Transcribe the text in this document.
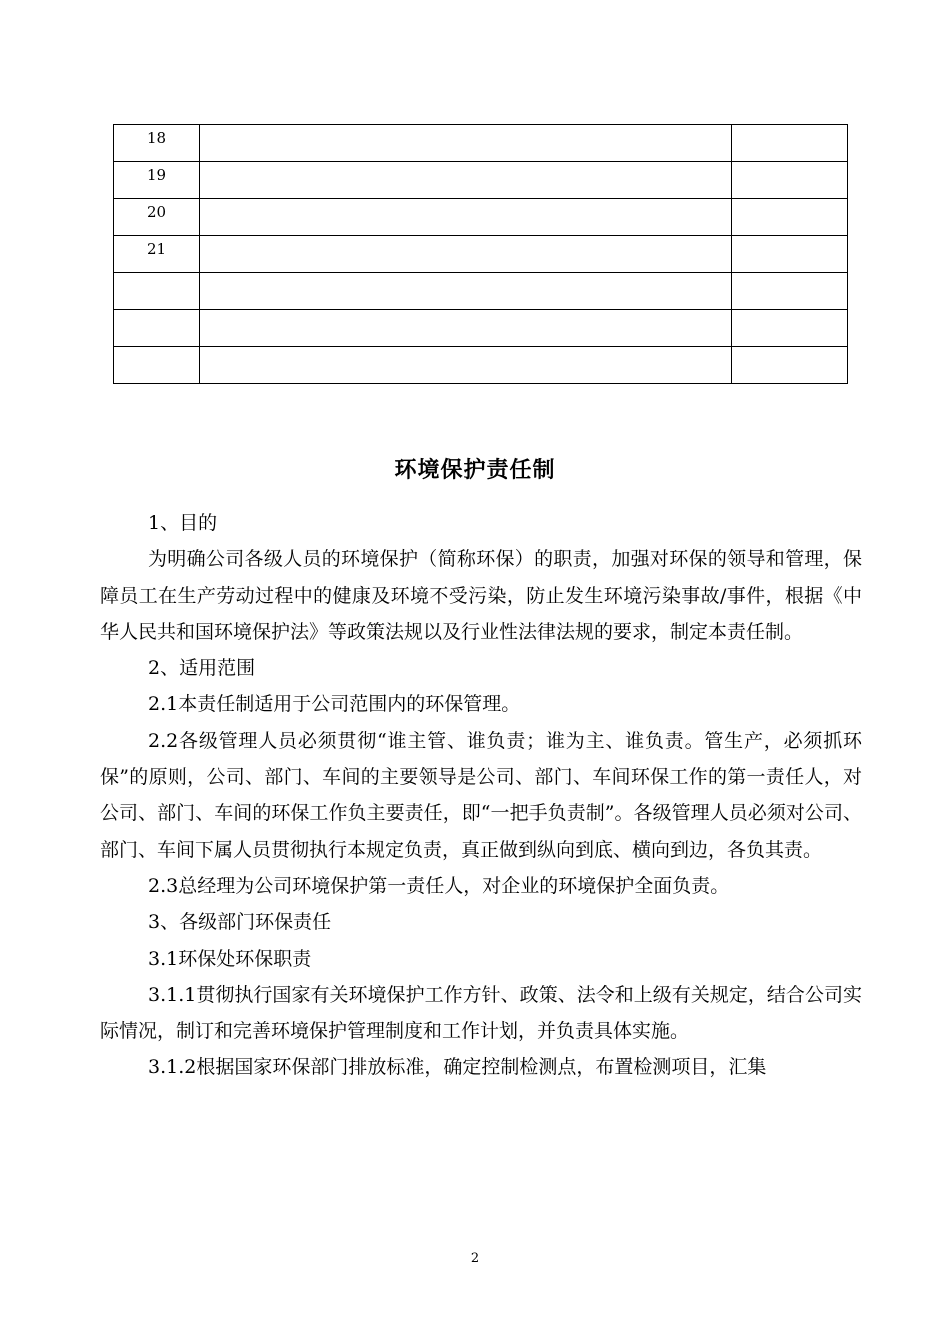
18		
19		
20		
21		

环境保护责任制

1、目的

为明确公司各级人员的环境保护（简称环保）的职责，加强对环保的领导和管理，保障员工在生产劳动过程中的健康及环境不受污染，防止发生环境污染事故/事件，根据《中华人民共和国环境保护法》等政策法规以及行业性法律法规的要求，制定本责任制。

2、适用范围

2.1本责任制适用于公司范围内的环保管理。

2.2各级管理人员必须贯彻“谁主管、谁负责；谁为主、谁负责。管生产，必须抓环保”的原则，公司、部门、车间的主要领导是公司、部门、车间环保工作的第一责任人，对公司、部门、车间的环保工作负主要责任，即“一把手负责制”。各级管理人员必须对公司、部门、车间下属人员贯彻执行本规定负责，真正做到纵向到底、横向到边，各负其责。

2.3总经理为公司环境保护第一责任人，对企业的环境保护全面负责。

3、各级部门环保责任

3.1环保处环保职责

3.1.1贯彻执行国家有关环境保护工作方针、政策、法令和上级有关规定，结合公司实际情况，制订和完善环境保护管理制度和工作计划，并负责具体实施。

3.1.2根据国家环保部门排放标准，确定控制检测点，布置检测项目，汇集

2
